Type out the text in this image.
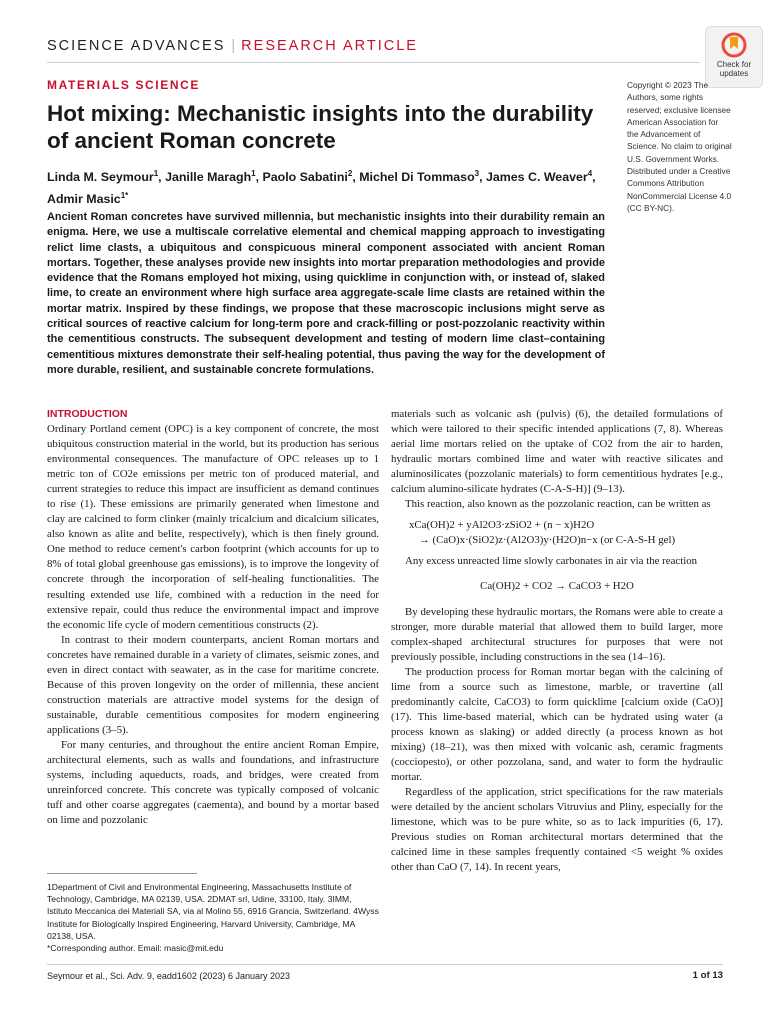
SCIENCE ADVANCES | RESEARCH ARTICLE
Check for
updates
MATERIALS SCIENCE
Hot mixing: Mechanistic insights into the durability of ancient Roman concrete
Linda M. Seymour$^1$, Janille Maragh$^1$, Paolo Sabatini$^2$, Michel Di Tommaso$^3$, James C. Weaver$^4$, Admir Masic$^{1*}$
Copyright © 2023 The Authors, some rights reserved; exclusive licensee American Association for the Advancement of Science. No claim to original U.S. Government Works. Distributed under a Creative Commons Attribution NonCommercial License 4.0 (CC BY-NC).

Ancient Roman concretes have survived millennia, but mechanistic insights into their durability remain an enigma. Here, we use a multiscale correlative elemental and chemical mapping approach to investigating relict lime clasts, a ubiquitous and conspicuous mineral component associated with ancient Roman mortars. Together, these analyses provide new insights into mortar preparation methodologies and provide evidence that the Romans employed hot mixing, using quicklime in conjunction with, or instead of, slaked lime, to create an environment where high surface area aggregate-scale lime clasts are retained within the mortar matrix. Inspired by these findings, we propose that these macroscopic inclusions might serve as critical sources of reactive calcium for long-term pore and crack-filling or post-pozzolanic reactivity within the cementitious constructs. The subsequent development and testing of modern lime clast–containing cementitious mixtures demonstrate their self-healing potential, thus paving the way for the development of more durable, resilient, and sustainable concrete formulations.

INTRODUCTION

Ordinary Portland cement (OPC) is a key component of concrete, the most ubiquitous construction material in the world, but its production has serious environmental consequences. The manufacture of OPC releases up to 1 metric ton of CO2e emissions per metric ton of produced material, and current strategies to reduce this impact are insufficient as demand continues to rise (1). These emissions are primarily generated when limestone and clay are calcined to form clinker (mainly tricalcium and dicalcium silicates, also known as alite and belite, respectively), which is then finely ground. One method to reduce cement's carbon footprint (which accounts for up to 8% of total global greenhouse gas emissions), is to improve the longevity of concrete through the incorporation of self-healing functionalities. The resulting extended use life, combined with a reduction in the need for extensive repair, could thus reduce the environmental impact and improve the economic life cycle of modern cementitious constructs (2).

In contrast to their modern counterparts, ancient Roman mortars and concretes have remained durable in a variety of climates, seismic zones, and even in direct contact with seawater, as in the case for maritime concrete. Because of this proven longevity on the order of millennia, these ancient construction materials are attractive model systems for the design of sustainable, durable cementitious composites for modern engineering applications (3–5).

For many centuries, and throughout the entire ancient Roman Empire, architectural elements, such as walls and foundations, and infrastructure systems, including aqueducts, roads, and bridges, were created from unreinforced concrete. This concrete was typically composed of volcanic tuff and other coarse aggregates (caementa), and bound by a mortar based on lime and pozzolanic

materials such as volcanic ash (pulvis) (6), the detailed formulations of which were tailored to their specific intended applications (7, 8). Whereas aerial lime mortars relied on the uptake of CO2 from the air to harden, hydraulic mortars combined lime and water with reactive silicates and aluminosilicates (pozzolanic materials) to form cementitious hydrates [e.g., calcium alumino-silicate hydrates (C-A-S-H)] (9–13).

This reaction, also known as the pozzolanic reaction, can be written as

xCa(OH)2 + yAl2O3·zSiO2 + (n − x)H2O
→ (CaO)x·(SiO2)z·(Al2O3)y·(H2O)n−x (or C-A-S-H gel)

Any excess unreacted lime slowly carbonates in air via the reaction

Ca(OH)2 + CO2 → CaCO3 + H2O

By developing these hydraulic mortars, the Romans were able to create a stronger, more durable material that allowed them to build larger, more complex-shaped architectural structures for purposes that were not previously possible, including constructions in the sea (14–16).

The production process for Roman mortar began with the calcining of lime from a source such as limestone, marble, or travertine (all predominantly calcite, CaCO3) to form quicklime [calcium oxide (CaO)] (17). This lime-based material, which can be hydrated using water (a process known as slaking) or added directly (a process known as hot mixing) (18–21), was then mixed with volcanic ash, ceramic fragments (cocciopesto), or other pozzolana, sand, and water to form the hydraulic mortar.

Regardless of the application, strict specifications for the raw materials were detailed by the ancient scholars Vitruvius and Pliny, especially for the limestone, which was to be pure white, so as to lack impurities (6, 17). Previous studies on Roman architectural mortars determined that the calcined lime in these samples frequently contained <5 weight % oxides other than CaO (7, 14). In recent years,

1Department of Civil and Environmental Engineering, Massachusetts Institute of Technology, Cambridge, MA 02139, USA. 2DMAT srl, Udine, 33100, Italy. 3IMM, Istituto Meccanica dei Materiali SA, via al Molino 55, 6916 Grancia, Switzerland. 4Wyss Institute for Biologically Inspired Engineering, Harvard University, Cambridge, MA 02138, USA.

*Corresponding author. Email: masic@mit.edu

Seymour et al., Sci. Adv. 9, eadd1602 (2023) 6 January 2023	1 of 13
